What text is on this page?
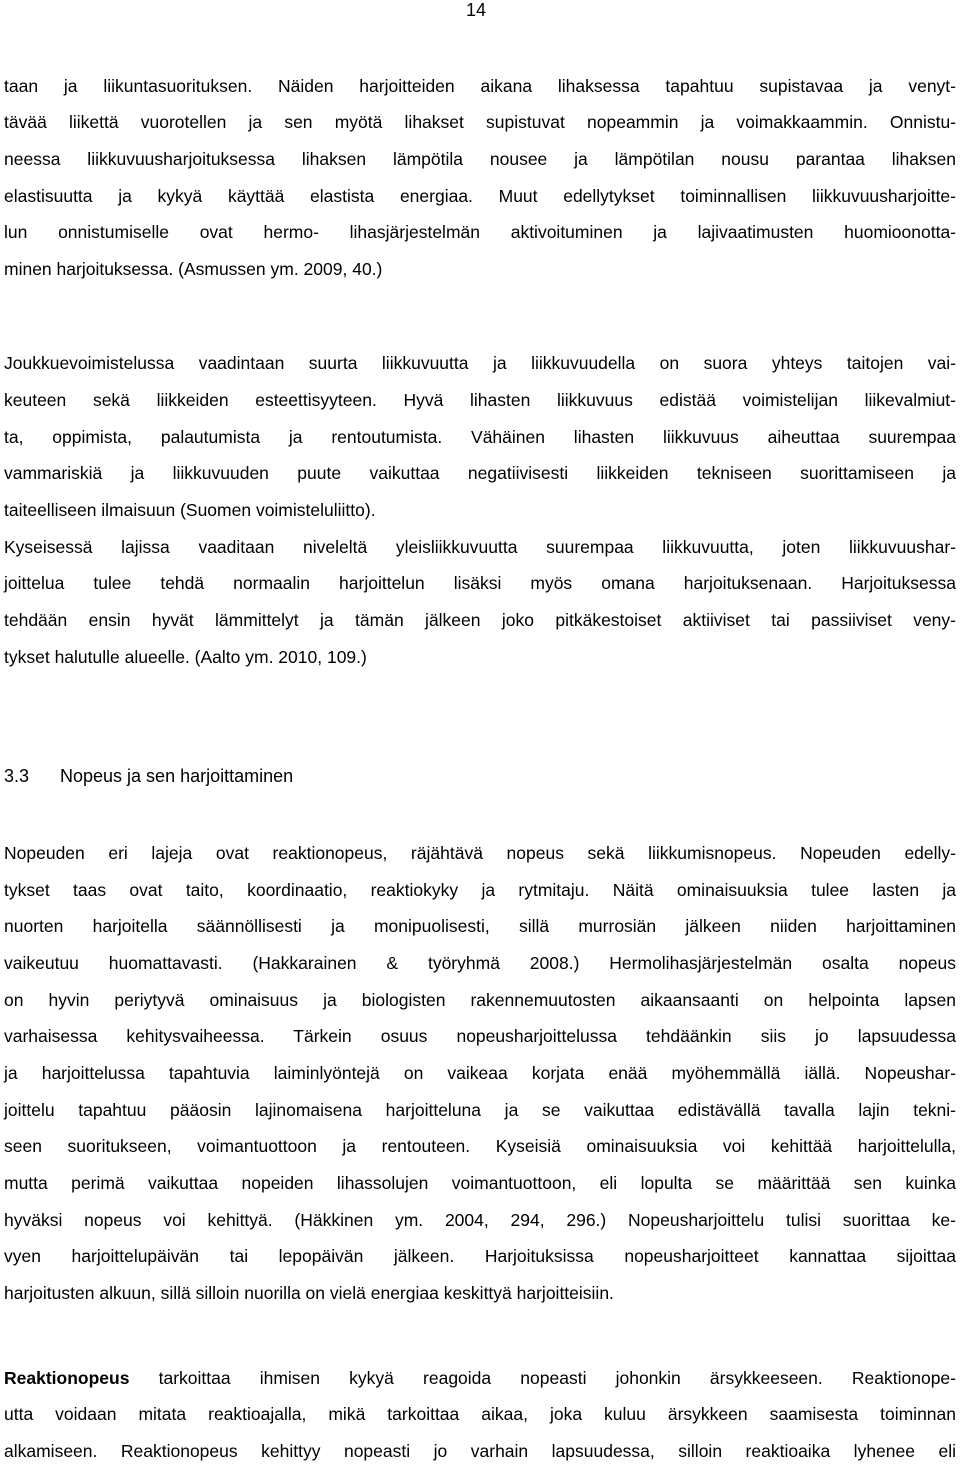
14
taan ja liikuntasuorituksen. Näiden harjoitteiden aikana lihaksessa tapahtuu supistavaa ja venyt-
tävää liikettä vuorotellen ja sen myötä lihakset supistuvat nopeammin ja voimakkaammin. Onnistu-
neessa liikkuvuusharjoituksessa lihaksen lämpötila nousee ja lämpötilan nousu parantaa lihaksen
elastisuutta ja kykyä käyttää elastista energiaa. Muut edellytykset toiminnallisen liikkuvuusharjoitte-
lun onnistumiselle ovat hermo- lihasjärjestelmän aktivoituminen ja lajivaatimusten huomioonotta-
minen harjoituksessa. (Asmussen ym. 2009, 40.)
Joukkuevoimistelussa vaadintaan suurta liikkuvuutta ja liikkuvuudella on suora yhteys taitojen vai-
keuteen sekä liikkeiden esteettisyyteen. Hyvä lihasten liikkuvuus edistää voimistelijan liikevalmiut-
ta, oppimista, palautumista ja rentoutumista. Vähäinen lihasten liikkuvuus aiheuttaa suurempaa
vammariskiä ja liikkuvuuden puute vaikuttaa negatiivisesti liikkeiden tekniseen suorittamiseen ja
taiteelliseen ilmaisuun (Suomen voimisteluliitto).
Kyseisessä lajissa vaaditaan niveleltä yleisliikkuvuutta suurempaa liikkuvuutta, joten liikkuvuushar-
joittelua tulee tehdä normaalin harjoittelun lisäksi myös omana harjoituksenaan. Harjoituksessa
tehdään ensin hyvät lämmittelyt ja tämän jälkeen joko pitkäkestoiset aktiiviset tai passiiviset veny-
tykset halutulle alueelle. (Aalto ym. 2010, 109.)
3.3 Nopeus ja sen harjoittaminen
Nopeuden eri lajeja ovat reaktionopeus, räjähtävä nopeus sekä liikkumisnopeus. Nopeuden edelly-
tykset taas ovat taito, koordinaatio, reaktiokyky ja rytmitaju. Näitä ominaisuuksia tulee lasten ja
nuorten harjoitella säännöllisesti ja monipuolisesti, sillä murrosiän jälkeen niiden harjoittaminen
vaikeutuu huomattavasti. (Hakkarainen & työryhmä 2008.) Hermolihasjärjestelmän osalta nopeus
on hyvin periytyvä ominaisuus ja biologisten rakennemuutosten aikaansaanti on helpointa lapsen
varhaisessa kehitysvaiheessa. Tärkein osuus nopeusharjoittelussa tehdäänkin siis jo lapsuudessa
ja harjoittelussa tapahtuvia laiminlyöntejä on vaikeaa korjata enää myöhemmällä iällä. Nopeushar-
joittelu tapahtuu pääosin lajinomaisena harjoitteluna ja se vaikuttaa edistävällä tavalla lajin tekni-
seen suoritukseen, voimantuottoon ja rentouteen. Kyseisiä ominaisuuksia voi kehittää harjoittelulla,
mutta perimä vaikuttaa nopeiden lihassolujen voimantuottoon, eli lopulta se määrittää sen kuinka
hyväksi nopeus voi kehittyä. (Häkkinen ym. 2004, 294, 296.) Nopeusharjoittelu tulisi suorittaa ke-
vyen harjoittelupäivän tai lepopäivän jälkeen. Harjoituksissa nopeusharjoitteet kannattaa sijoittaa
harjoitusten alkuun, sillä silloin nuorilla on vielä energiaa keskittyä harjoitteisiin.
Reaktionopeus tarkoittaa ihmisen kykyä reagoida nopeasti johonkin ärsykkeeseen. Reaktionope-
utta voidaan mitata reaktioajalla, mikä tarkoittaa aikaa, joka kuluu ärsykkeen saamisesta toiminnan
alkamiseen. Reaktionopeus kehittyy nopeasti jo varhain lapsuudessa, silloin reaktioaika lyhenee eli
